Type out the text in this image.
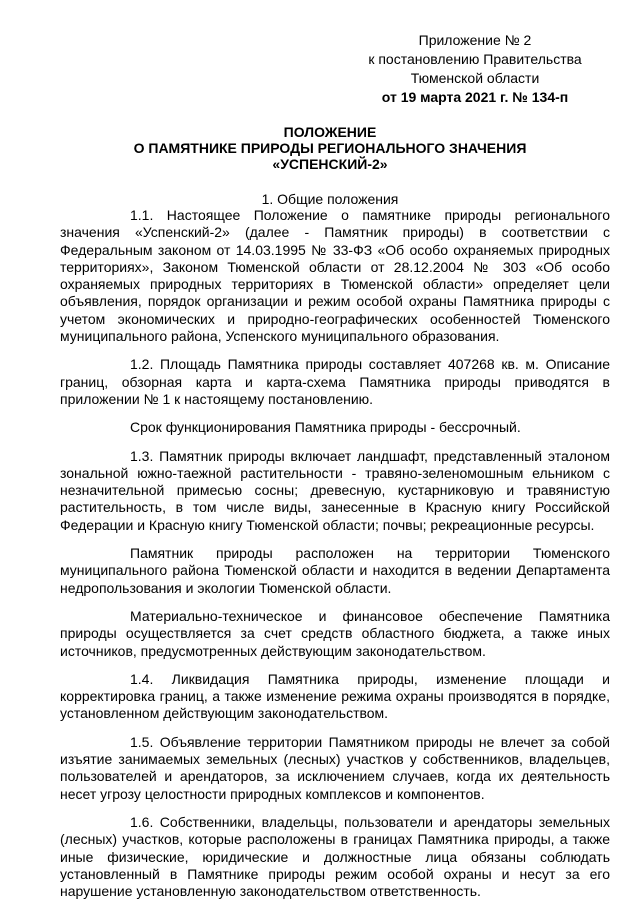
Приложение № 2
к постановлению Правительства
Тюменской области
от 19 марта 2021 г. № 134-п
ПОЛОЖЕНИЕ
О ПАМЯТНИКЕ ПРИРОДЫ РЕГИОНАЛЬНОГО ЗНАЧЕНИЯ
«УСПЕНСКИЙ-2»
1. Общие положения

1.1. Настоящее Положение о памятнике природы регионального значения «Успенский-2» (далее - Памятник природы) в соответствии с Федеральным законом от 14.03.1995 № 33-ФЗ «Об особо охраняемых природных территориях», Законом Тюменской области от 28.12.2004 № 303 «Об особо охраняемых природных территориях в Тюменской области» определяет цели объявления, порядок организации и режим особой охраны Памятника природы с учетом экономических и природно-географических особенностей Тюменского муниципального района, Успенского муниципального образования.

1.2. Площадь Памятника природы составляет 407268 кв. м. Описание границ, обзорная карта и карта-схема Памятника природы приводятся в приложении № 1 к настоящему постановлению.

Срок функционирования Памятника природы - бессрочный.

1.3. Памятник природы включает ландшафт, представленный эталоном зональной южно-таежной растительности - травяно-зеленомошным ельником с незначительной примесью сосны; древесную, кустарниковую и травянистую растительность, в том числе виды, занесенные в Красную книгу Российской Федерации и Красную книгу Тюменской области; почвы; рекреационные ресурсы.

Памятник природы расположен на территории Тюменского муниципального района Тюменской области и находится в ведении Департамента недропользования и экологии Тюменской области.

Материально-техническое и финансовое обеспечение Памятника природы осуществляется за счет средств областного бюджета, а также иных источников, предусмотренных действующим законодательством.

1.4. Ликвидация Памятника природы, изменение площади и корректировка границ, а также изменение режима охраны производятся в порядке, установленном действующим законодательством.

1.5. Объявление территории Памятником природы не влечет за собой изъятие занимаемых земельных (лесных) участков у собственников, владельцев, пользователей и арендаторов, за исключением случаев, когда их деятельность несет угрозу целостности природных комплексов и компонентов.

1.6. Собственники, владельцы, пользователи и арендаторы земельных (лесных) участков, которые расположены в границах Памятника природы, а также иные физические, юридические и должностные лица обязаны соблюдать установленный в Памятнике природы режим особой охраны и несут за его нарушение установленную законодательством ответственность.
